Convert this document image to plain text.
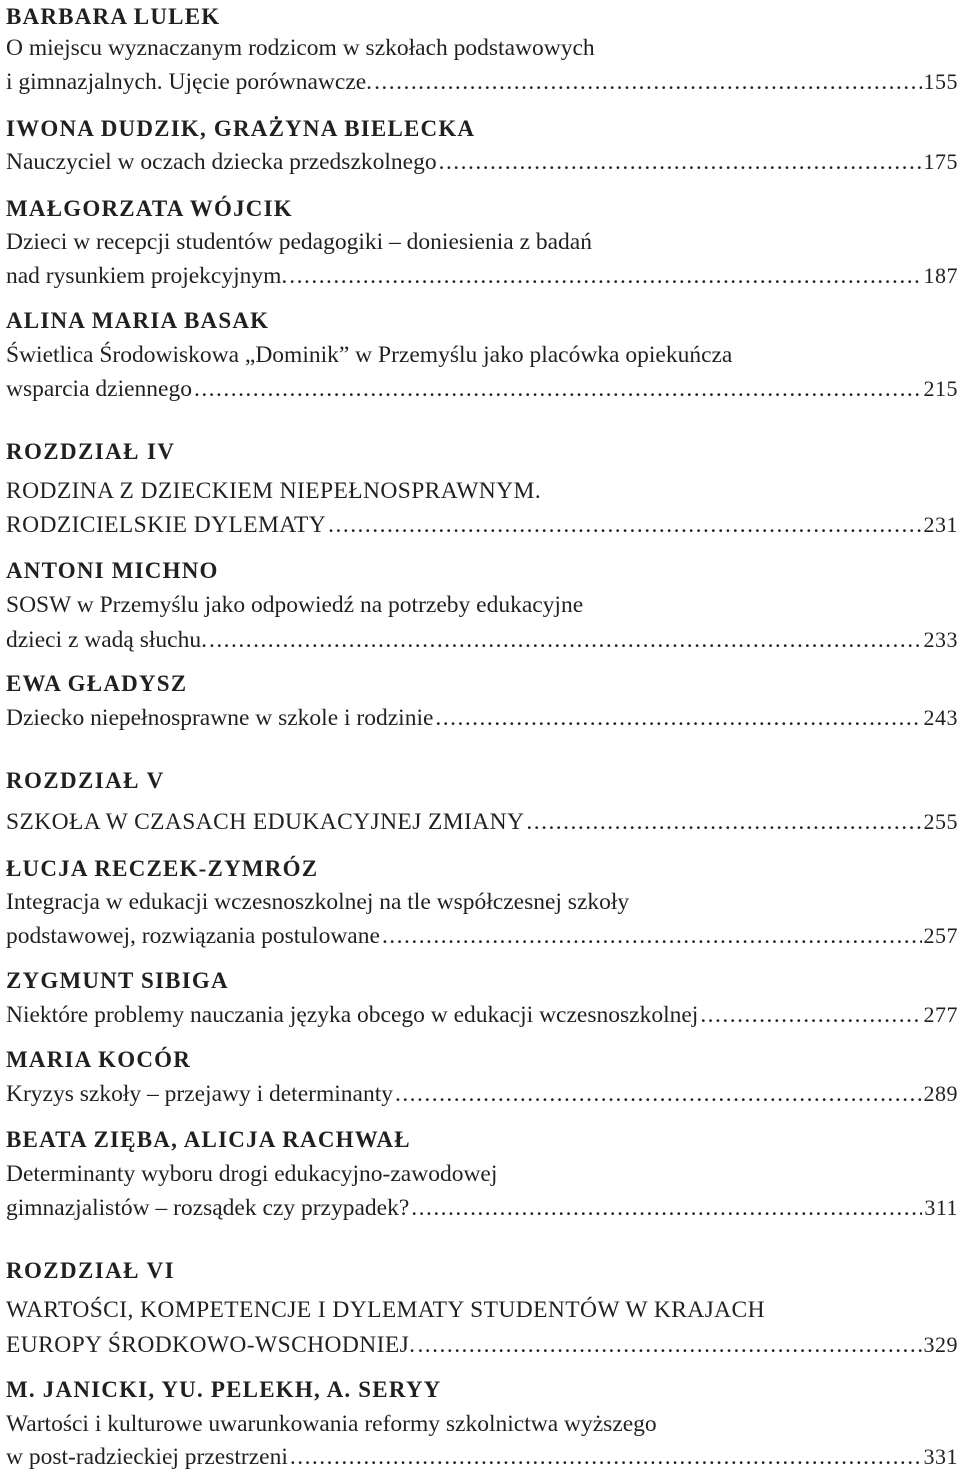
BARBARA LULEK
O miejscu wyznaczanym rodzicom w szkołach podstawowych
i gimnazjalnych. Ujęcie porównawcze. . . .	155
IWONA DUDZIK, GRAŻYNA BIELECKA
Nauczyciel w oczach dziecka przedszkolnego . . .	175
MAŁGORZATA WÓJCIK
Dzieci w recepcji studentów pedagogiki – doniesienia z badań
nad rysunkiem projekcyjnym. . . .	187
ALINA MARIA BASAK
Świetlica Środowiskowa „Dominik” w Przemyślu jako placówka opiekuńcza
wsparcia dziennego . . .	215
ROZDZIAŁ IV
RODZINA Z DZIECKIEM NIEPEŁNOSPRAWNYM.
RODZICIELSKIE DYLEMATY . . .	231
ANTONI MICHNO
SOSW w Przemyślu jako odpowiedź na potrzeby edukacyjne
dzieci z wadą słuchu. . . .	233
EWA GŁADYSZ
Dziecko niepełnosprawne w szkole i rodzinie . . .	243
ROZDZIAŁ V
SZKOŁA W CZASACH EDUKACYJNEJ ZMIANY . . .	255
ŁUCJA RECZEK-ZYMRÓZ
Integracja w edukacji wczesnoszkolnej na tle współczesnej szkoły
podstawowej, rozwiązania postulowane . . .	257
ZYGMUNT SIBIGA
Niektóre problemy nauczania języka obcego w edukacji wczesnoszkolnej . . .	277
MARIA KOCÓR
Kryzys szkoły – przejawy i determinanty . . .	289
BEATA ZIĘBA, ALICJA RACHWAŁ
Determinanty wyboru drogi edukacyjno-zawodowej
gimnazjalistów – rozsądek czy przypadek? . . .	311
ROZDZIAŁ VI
WARTOŚCI, KOMPETENCJE I DYLEMATY STUDENTÓW W KRAJACH
EUROPY ŚRODKOWO-WSCHODNIEJ. . . .	329
M. JANICKI, YU. PELEKH, A. SERYY
Wartości i kulturowe uwarunkowania reformy szkolnictwa wyższego
w post-radzieckiej przestrzeni . . .	331
